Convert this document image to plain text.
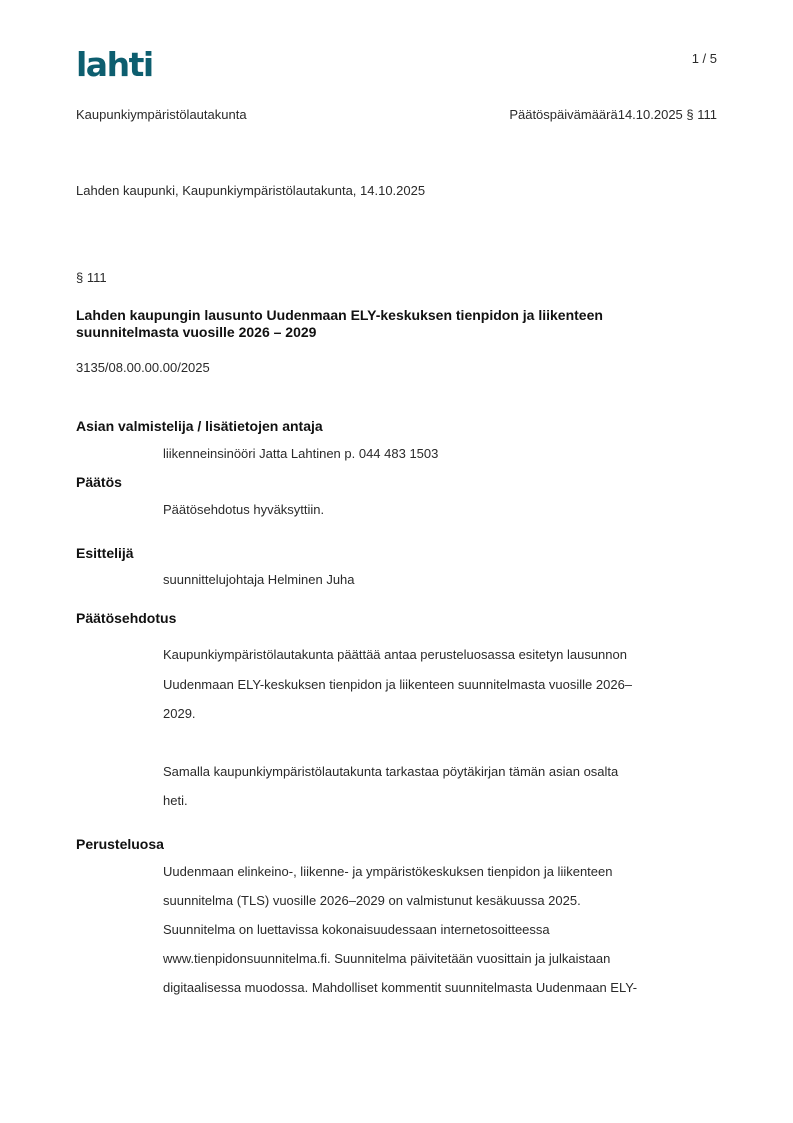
lahti	1 / 5
Kaupunkiympäristölautakunta	Päätöspäivämäärä14.10.2025 § 111
Lahden kaupunki, Kaupunkiympäristölautakunta, 14.10.2025
§ 111
Lahden kaupungin lausunto Uudenmaan ELY-keskuksen tienpidon ja liikenteen
suunnitelmasta vuosille 2026 – 2029
3135/08.00.00.00/2025
Asian valmistelija / lisätietojen antaja
liikenneinsinööri Jatta Lahtinen p. 044 483 1503
Päätös
Päätösehdotus hyväksyttiin.
Esittelijä
suunnittelujohtaja Helminen Juha
Päätösehdotus
Kaupunkiympäristölautakunta päättää antaa perusteluosassa esitetyn lausunnon
Uudenmaan ELY-keskuksen tienpidon ja liikenteen suunnitelmasta vuosille 2026–
2029.
Samalla kaupunkiympäristölautakunta tarkastaa pöytäkirjan tämän asian osalta
heti.
Perusteluosa
Uudenmaan elinkeino-, liikenne- ja ympäristökeskuksen tienpidon ja liikenteen
suunnitelma (TLS) vuosille 2026–2029 on valmistunut kesäkuussa 2025.
Suunnitelma on luettavissa kokonaisuudessaan internetosoitteessa
www.tienpidonsuunnitelma.fi. Suunnitelma päivitetään vuosittain ja julkaistaan
digitaalisessa muodossa. Mahdolliset kommentit suunnitelmasta Uudenmaan ELY-
